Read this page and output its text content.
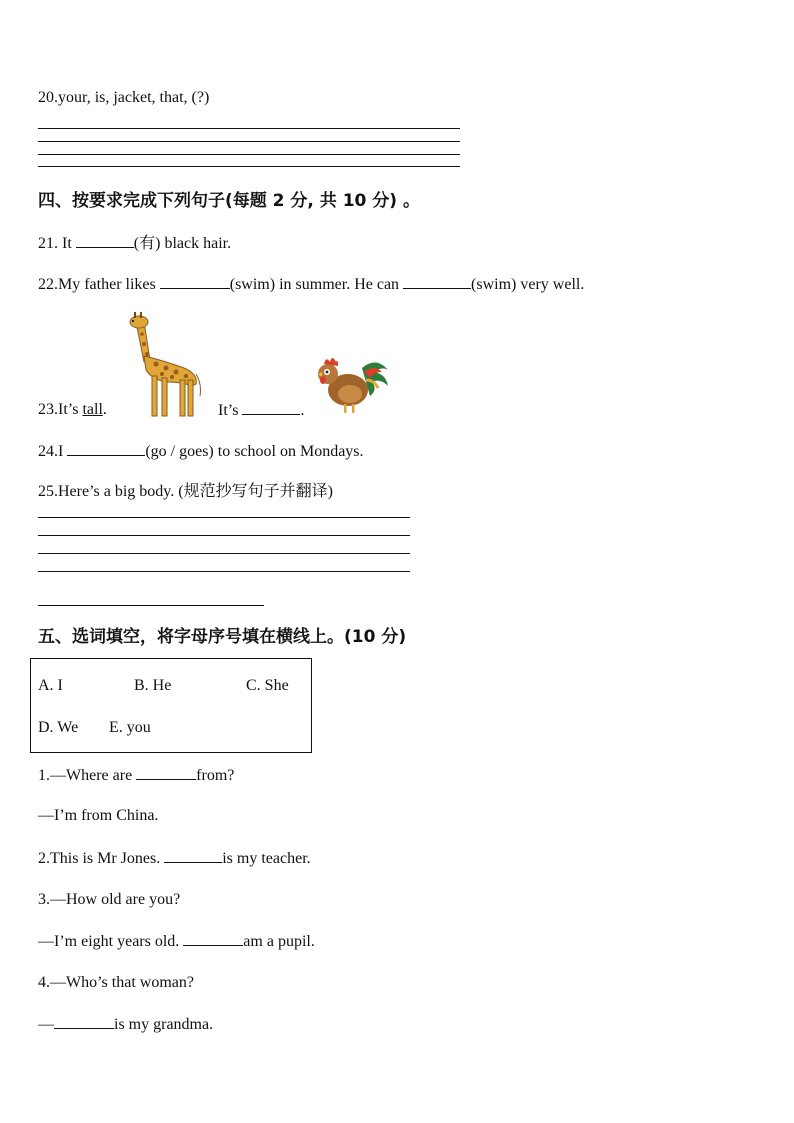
20.your, is, jacket, that, (?)
四、按要求完成下列句子(每题 2 分, 共 10 分) 。
21. It	(有) black hair.
22.My father likes	(swim) in summer. He can	(swim) very well.
23.It’s tall.	It’s	.
24.I	(go / goes) to school on Mondays.
25.Here’s a big body. (规范抄写句子并翻译)
五、选词填空，将字母序号填在横线上。(10 分)
A. I	B. He	C. She
D. We E. you
1.—Where are	from?
—I’m from China.
2.This is Mr Jones.	is my teacher.
3.—How old are you?
—I’m eight years old.	am a pupil.
4.—Who’s that woman?
—	is my grandma.
